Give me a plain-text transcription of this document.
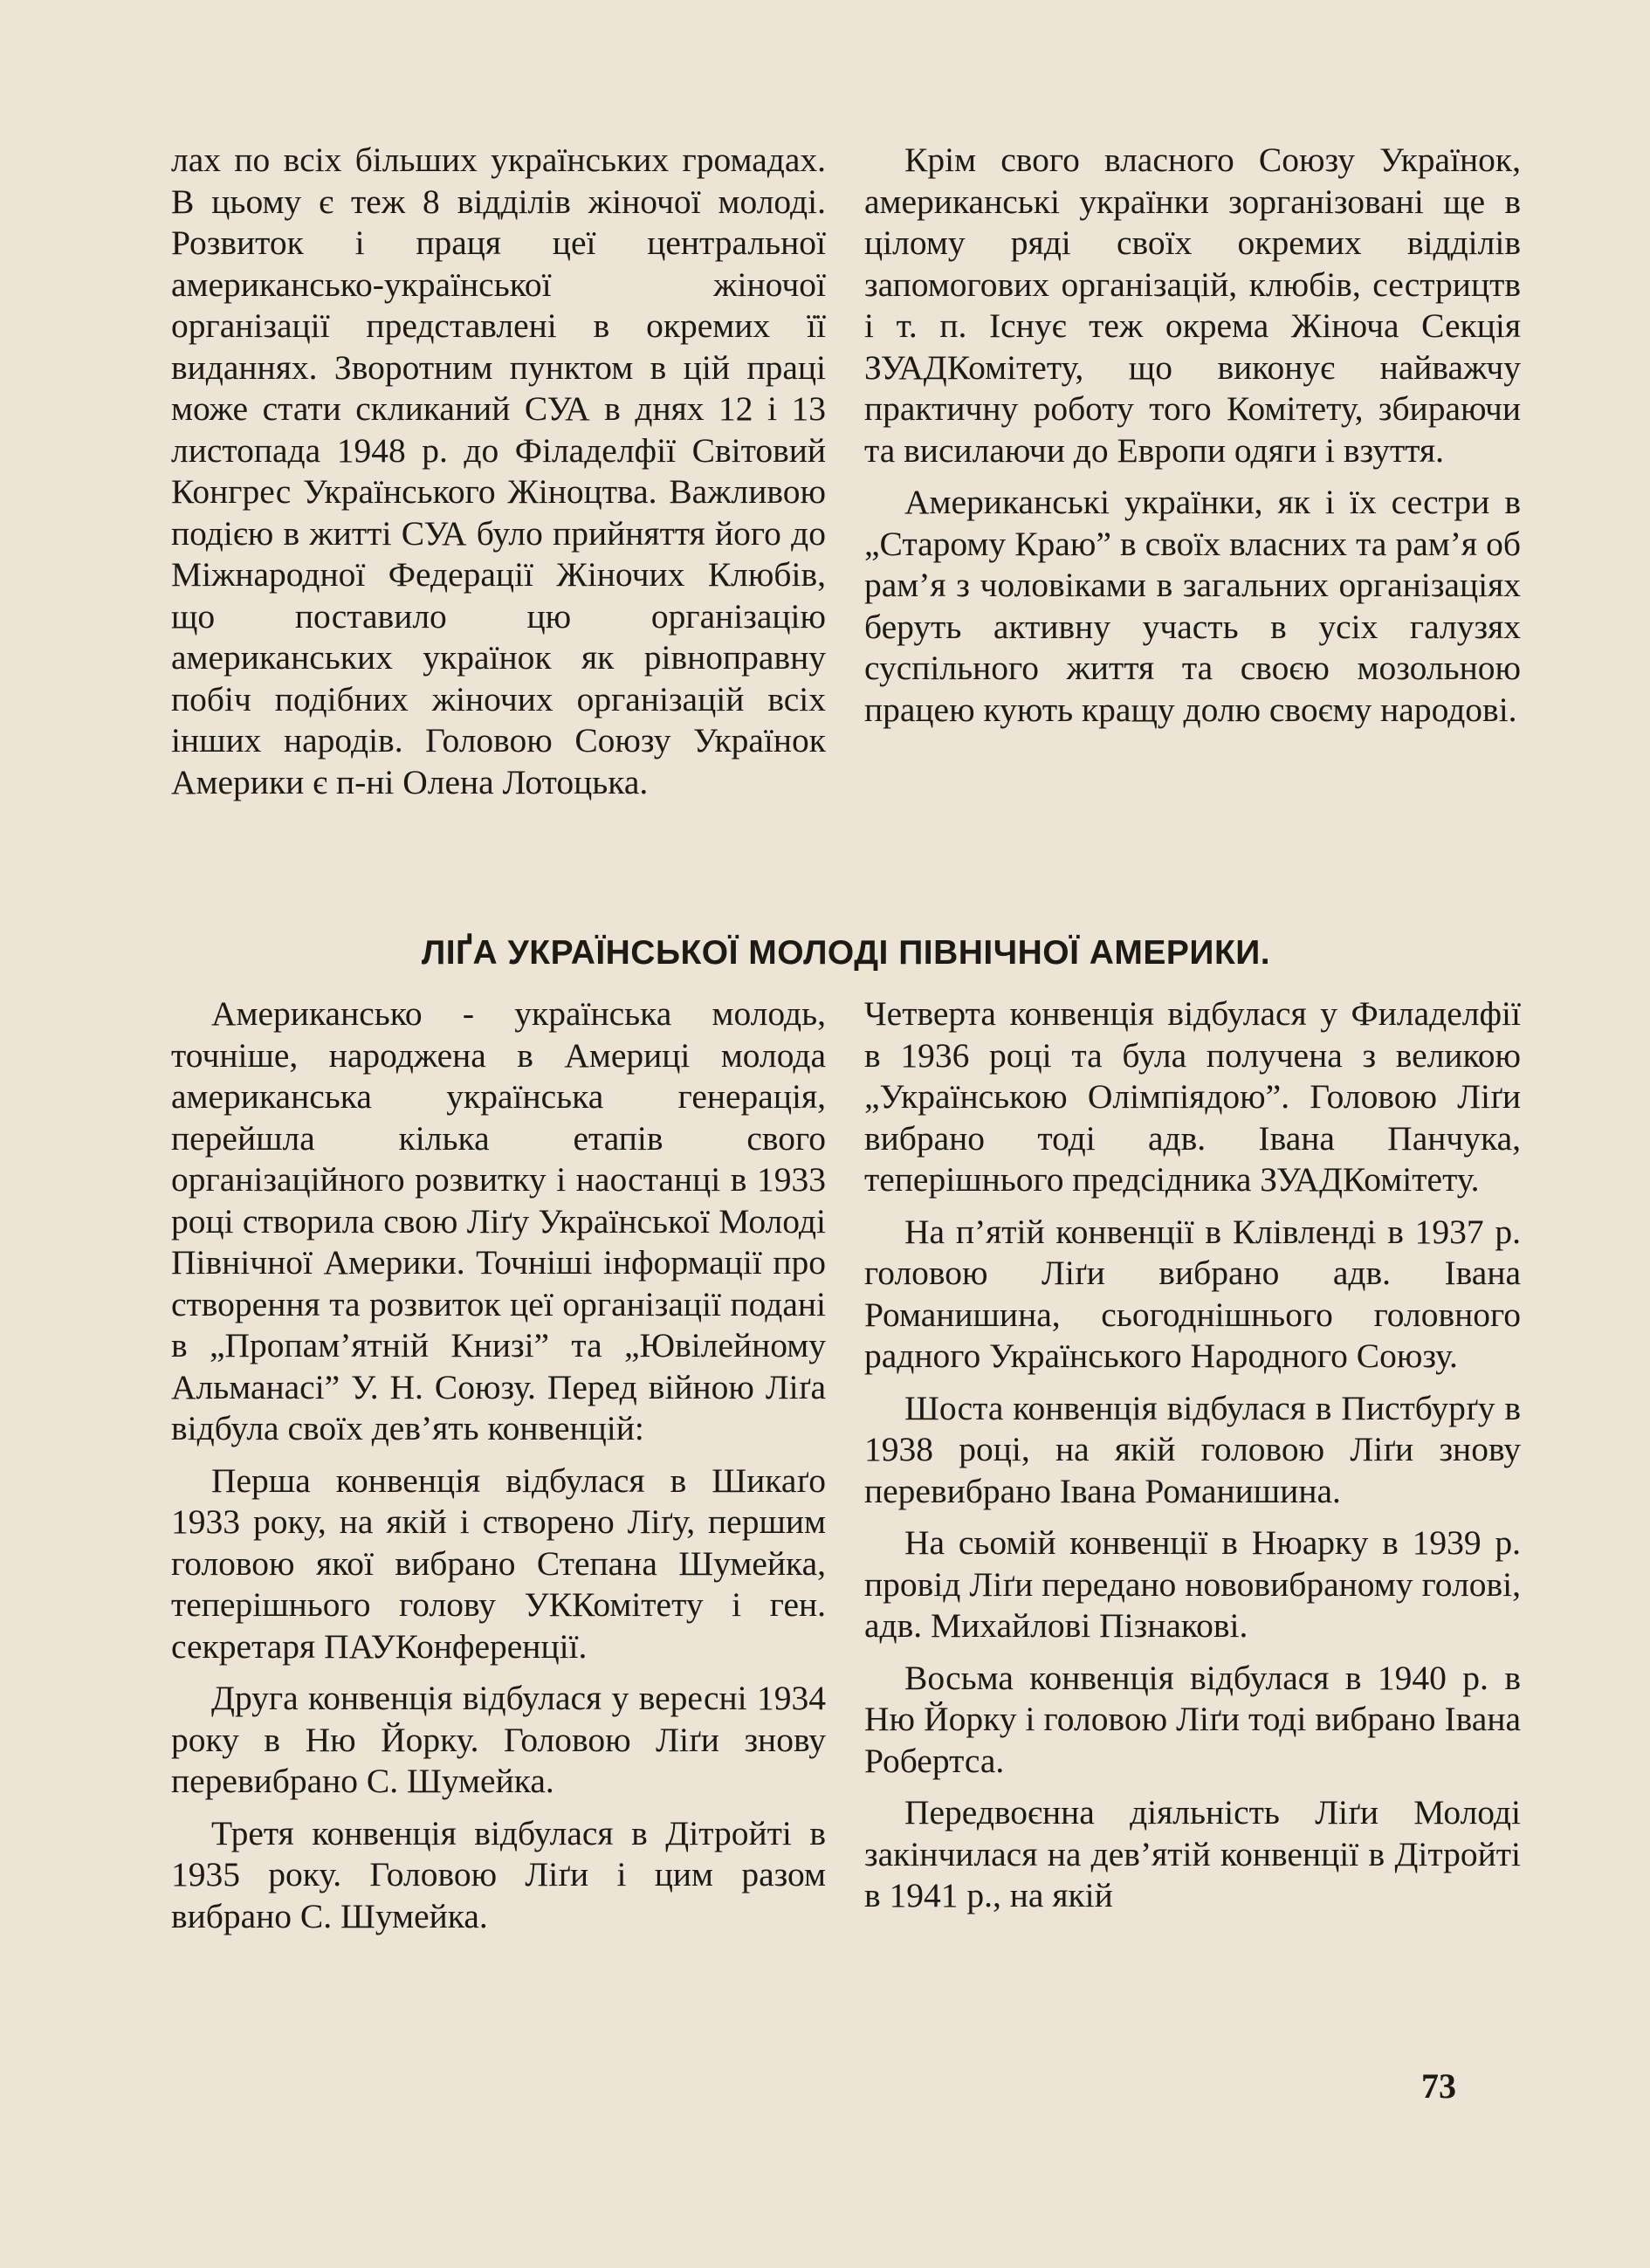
лах по всіх більших українських громадах. В цьому є теж 8 відділів жіночої молоді. Розвиток і праця цеї центральної американсько-української жіночої організації представлені в окремих її виданнях. Зворотним пунктом в цій праці може стати скликаний СУА в днях 12 і 13 листопада 1948 р. до Філаделфії Світовий Конгрес Українського Жіноцтва. Важливою подією в житті СУА було прийняття його до Міжнародної Федерації Жіночих Клюбів, що поставило цю організацію американських українок як рівноправну побіч подібних жіночих організацій всіх інших народів. Головою Союзу Українок Америки є п-ні Олена Лотоцька.

Крім свого власного Союзу Українок, американські українки зорганізовані ще в цілому ряді своїх окремих відділів запомогових організацій, клюбів, сестрицтв і т. п. Існує теж окрема Жіноча Секція ЗУАДКомітету, що виконує найважчу практичну роботу того Комітету, збираючи та висилаючи до Европи одяги і взуття.

Американські українки, як і їх сестри в „Старому Краю” в своїх власних та рам’я об рам’я з чоловіками в загальних організаціях беруть активну участь в усіх галузях суспільного життя та своєю мозольною працею кують кращу долю своєму народові.

ЛІҐА УКРАЇНСЬКОЇ МОЛОДІ ПІВНІЧНОЇ АМЕРИКИ.

Американсько - українська молодь, точніше, народжена в Америці молода американська українська генерація, перейшла кілька етапів свого організаційного розвитку і наостанці в 1933 році створила свою Ліґу Української Молоді Північної Америки. Точніші інформації про створення та розвиток цеї організації подані в „Пропам’ятній Книзі” та „Ювілейному Альманасі” У. Н. Союзу. Перед війною Ліґа відбула своїх дев’ять конвенцій:

Перша конвенція відбулася в Шикаґо 1933 року, на якій і створено Ліґу, першим головою якої вибрано Степана Шумейка, теперішнього голову УККомітету і ген. секретаря ПАУКонференції.

Друга конвенція відбулася у вересні 1934 року в Ню Йорку. Головою Ліґи знову перевибрано С. Шумейка.

Третя конвенція відбулася в Дітройті в 1935 року. Головою Ліґи і цим разом вибрано С. Шумейка.

Четверта конвенція відбулася у Филаделфії в 1936 році та була получена з великою „Українською Олімпіядою”. Головою Ліґи вибрано тоді адв. Івана Панчука, теперішнього предсідника ЗУАДКомітету.

На п’ятій конвенції в Клівленді в 1937 р. головою Ліґи вибрано адв. Івана Романишина, сьогоднішнього головного радного Українського Народного Союзу.

Шоста конвенція відбулася в Пистбурґу в 1938 році, на якій головою Ліґи знову перевибрано Івана Романишина.

На сьомій конвенції в Нюарку в 1939 р. провід Ліґи передано нововибраному голові, адв. Михайлові Пізнакові.

Восьма конвенція відбулася в 1940 р. в Ню Йорку і головою Ліґи тоді вибрано Івана Робертса.

Передвоєнна діяльність Ліґи Молоді закінчилася на дев’ятій конвенції в Дітройті в 1941 р., на якій

73
